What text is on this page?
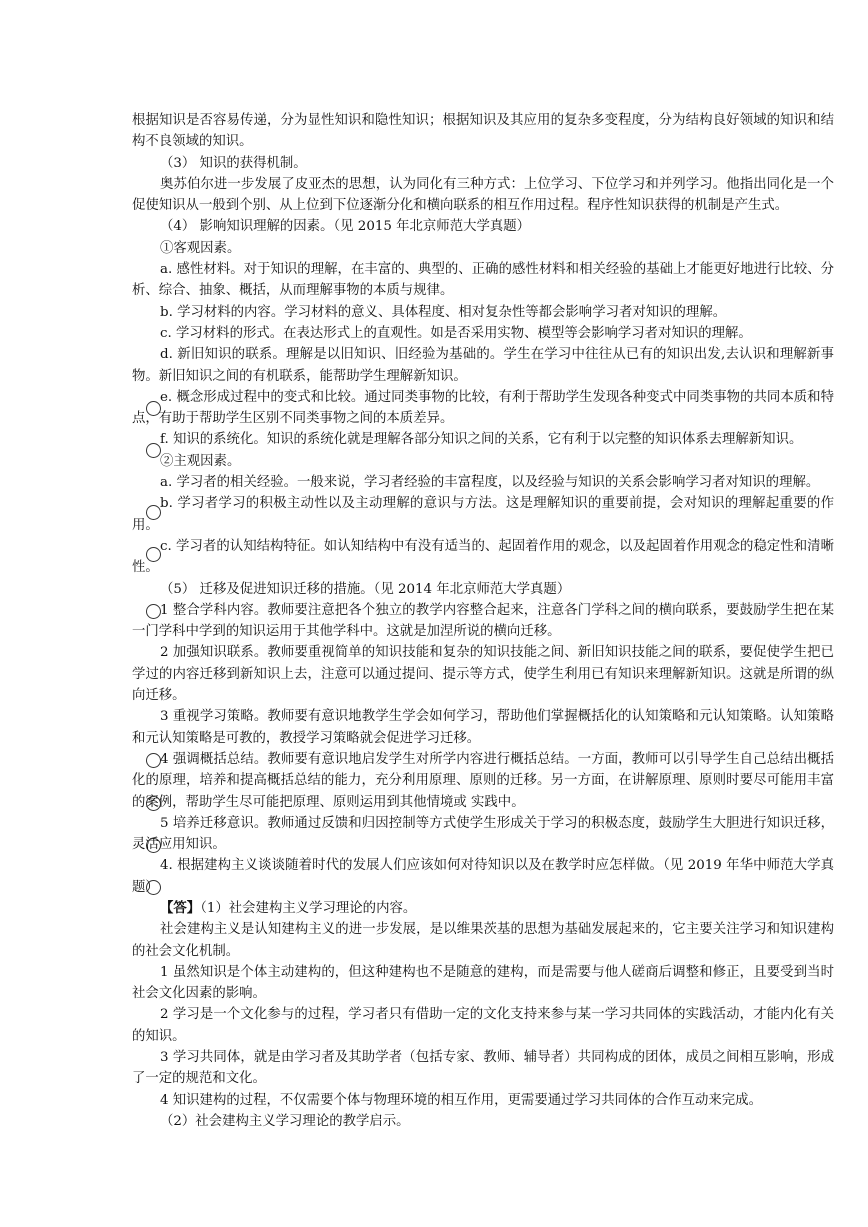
根据知识是否容易传递，分为显性知识和隐性知识；根据知识及其应用的复杂多变程度，分为结构良好领域的知识和结构不良领域的知识。

（3） 知识的获得机制。

奥苏伯尔进一步发展了皮亚杰的思想，认为同化有三种方式：上位学习、下位学习和并列学习。他指出同化是一个促使知识从一般到个别、从上位到下位逐渐分化和横向联系的相互作用过程。程序性知识获得的机制是产生式。

（4） 影响知识理解的因素。（见 2015 年北京师范大学真题）

①客观因素。

a. 感性材料。对于知识的理解，在丰富的、典型的、正确的感性材料和相关经验的基础上才能更好地进行比较、分析、综合、抽象、概括，从而理解事物的本质与规律。

b. 学习材料的内容。学习材料的意义、具体程度、相对复杂性等都会影响学习者对知识的理解。

c. 学习材料的形式。在表达形式上的直观性。如是否采用实物、模型等会影响学习者对知识的理解。

d. 新旧知识的联系。理解是以旧知识、旧经验为基础的。学生在学习中往往从已有的知识出发,去认识和理解新事物。新旧知识之间的有机联系，能帮助学生理解新知识。

e. 概念形成过程中的变式和比较。通过同类事物的比较，有利于帮助学生发现各种变式中同类事物的共同本质和特点，有助于帮助学生区别不同类事物之间的本质差异。

f. 知识的系统化。知识的系统化就是理解各部分知识之间的关系，它有利于以完整的知识体系去理解新知识。

②主观因素。

a. 学习者的相关经验。一般来说，学习者经验的丰富程度，以及经验与知识的关系会影响学习者对知识的理解。

b. 学习者学习的积极主动性以及主动理解的意识与方法。这是理解知识的重要前提，会对知识的理解起重要的作用。

c. 学习者的认知结构特征。如认知结构中有没有适当的、起固着作用的观念，以及起固着作用观念的稳定性和清晰性。

（5） 迁移及促进知识迁移的措施。（见 2014 年北京师范大学真题）

1 整合学科内容。教师要注意把各个独立的教学内容整合起来，注意各门学科之间的横向联系，要鼓励学生把在某一门学科中学到的知识运用于其他学科中。这就是加涅所说的横向迁移。

2 加强知识联系。教师要重视简单的知识技能和复杂的知识技能之间、新旧知识技能之间的联系，要促使学生把已学过的内容迁移到新知识上去，注意可以通过提问、提示等方式，使学生利用已有知识来理解新知识。这就是所谓的纵向迁移。

3 重视学习策略。教师要有意识地教学生学会如何学习，帮助他们掌握概括化的认知策略和元认知策略。认知策略和元认知策略是可教的，教授学习策略就会促进学习迁移。

4 强调概括总结。教师要有意识地启发学生对所学内容进行概括总结。一方面，教师可以引导学生自己总结出概括化的原理，培养和提高概括总结的能力，充分利用原理、原则的迁移。另一方面，在讲解原理、原则时要尽可能用丰富的案例，帮助学生尽可能把原理、原则运用到其他情境或 实践中。

5 培养迁移意识。教师通过反馈和归因控制等方式使学生形成关于学习的积极态度，鼓励学生大胆进行知识迁移，灵活应用知识。

4. 根据建构主义谈谈随着时代的发展人们应该如何对待知识以及在教学时应怎样做。（见 2019 年华中师范大学真题）

【答】（1）社会建构主义学习理论的内容。

社会建构主义是认知建构主义的进一步发展，是以维果茨基的思想为基础发展起来的，它主要关注学习和知识建构的社会文化机制。

1 虽然知识是个体主动建构的，但这种建构也不是随意的建构，而是需要与他人磋商后调整和修正，且要受到当时社会文化因素的影响。

2 学习是一个文化参与的过程，学习者只有借助一定的文化支持来参与某一学习共同体的实践活动，才能内化有关的知识。

3 学习共同体，就是由学习者及其助学者（包括专家、教师、辅导者）共同构成的团体，成员之间相互影响，形成了一定的规范和文化。

4 知识建构的过程，不仅需要个体与物理环境的相互作用，更需要通过学习共同体的合作互动来完成。

（2）社会建构主义学习理论的教学启示。
